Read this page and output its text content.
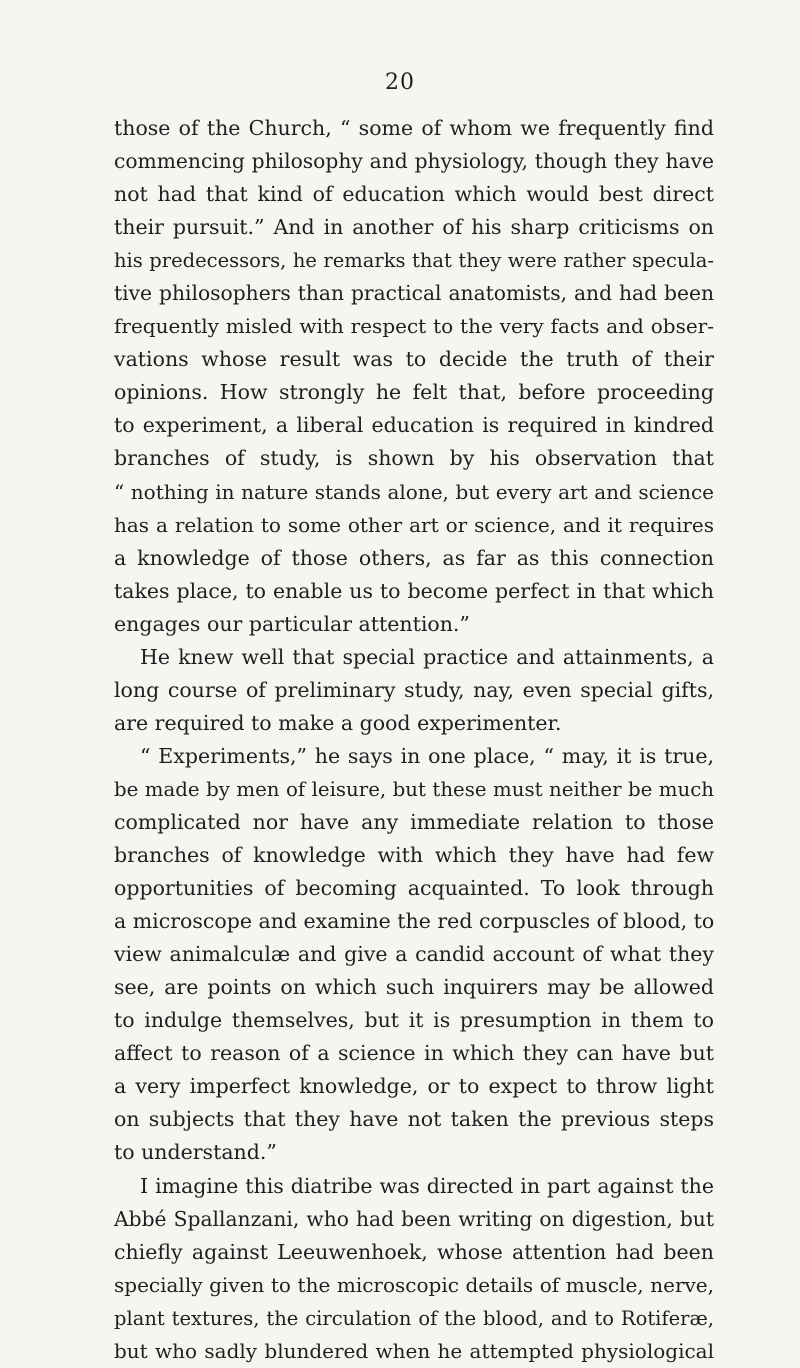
20
those of the Church, “ some of whom we frequently find
commencing philosophy and physiology, though they have
not had that kind of education which would best direct
their pursuit.” And in another of his sharp criticisms on
his predecessors, he remarks that they were rather specula-
tive philosophers than practical anatomists, and had been
frequently misled with respect to the very facts and obser-
vations whose result was to decide the truth of their
opinions. How strongly he felt that, before proceeding
to experiment, a liberal education is required in kindred
branches of study, is shown by his observation that
“ nothing in nature stands alone, but every art and science
has a relation to some other art or science, and it requires
a knowledge of those others, as far as this connection
takes place, to enable us to become perfect in that which
engages our particular attention.”
He knew well that special practice and attainments, a
long course of preliminary study, nay, even special gifts,
are required to make a good experimenter.
“ Experiments,” he says in one place, “ may, it is true,
be made by men of leisure, but these must neither be much
complicated nor have any immediate relation to those
branches of knowledge with which they have had few
opportunities of becoming acquainted. To look through
a microscope and examine the red corpuscles of blood, to
view animalculæ and give a candid account of what they
see, are points on which such inquirers may be allowed
to indulge themselves, but it is presumption in them to
affect to reason of a science in which they can have but
a very imperfect knowledge, or to expect to throw light
on subjects that they have not taken the previous steps
to understand.”
I imagine this diatribe was directed in part against the
Abbé Spallanzani, who had been writing on digestion, but
chiefly against Leeuwenhoek, whose attention had been
specially given to the microscopic details of muscle, nerve,
plant textures, the circulation of the blood, and to Rotiferæ,
but who sadly blundered when he attempted physiological
